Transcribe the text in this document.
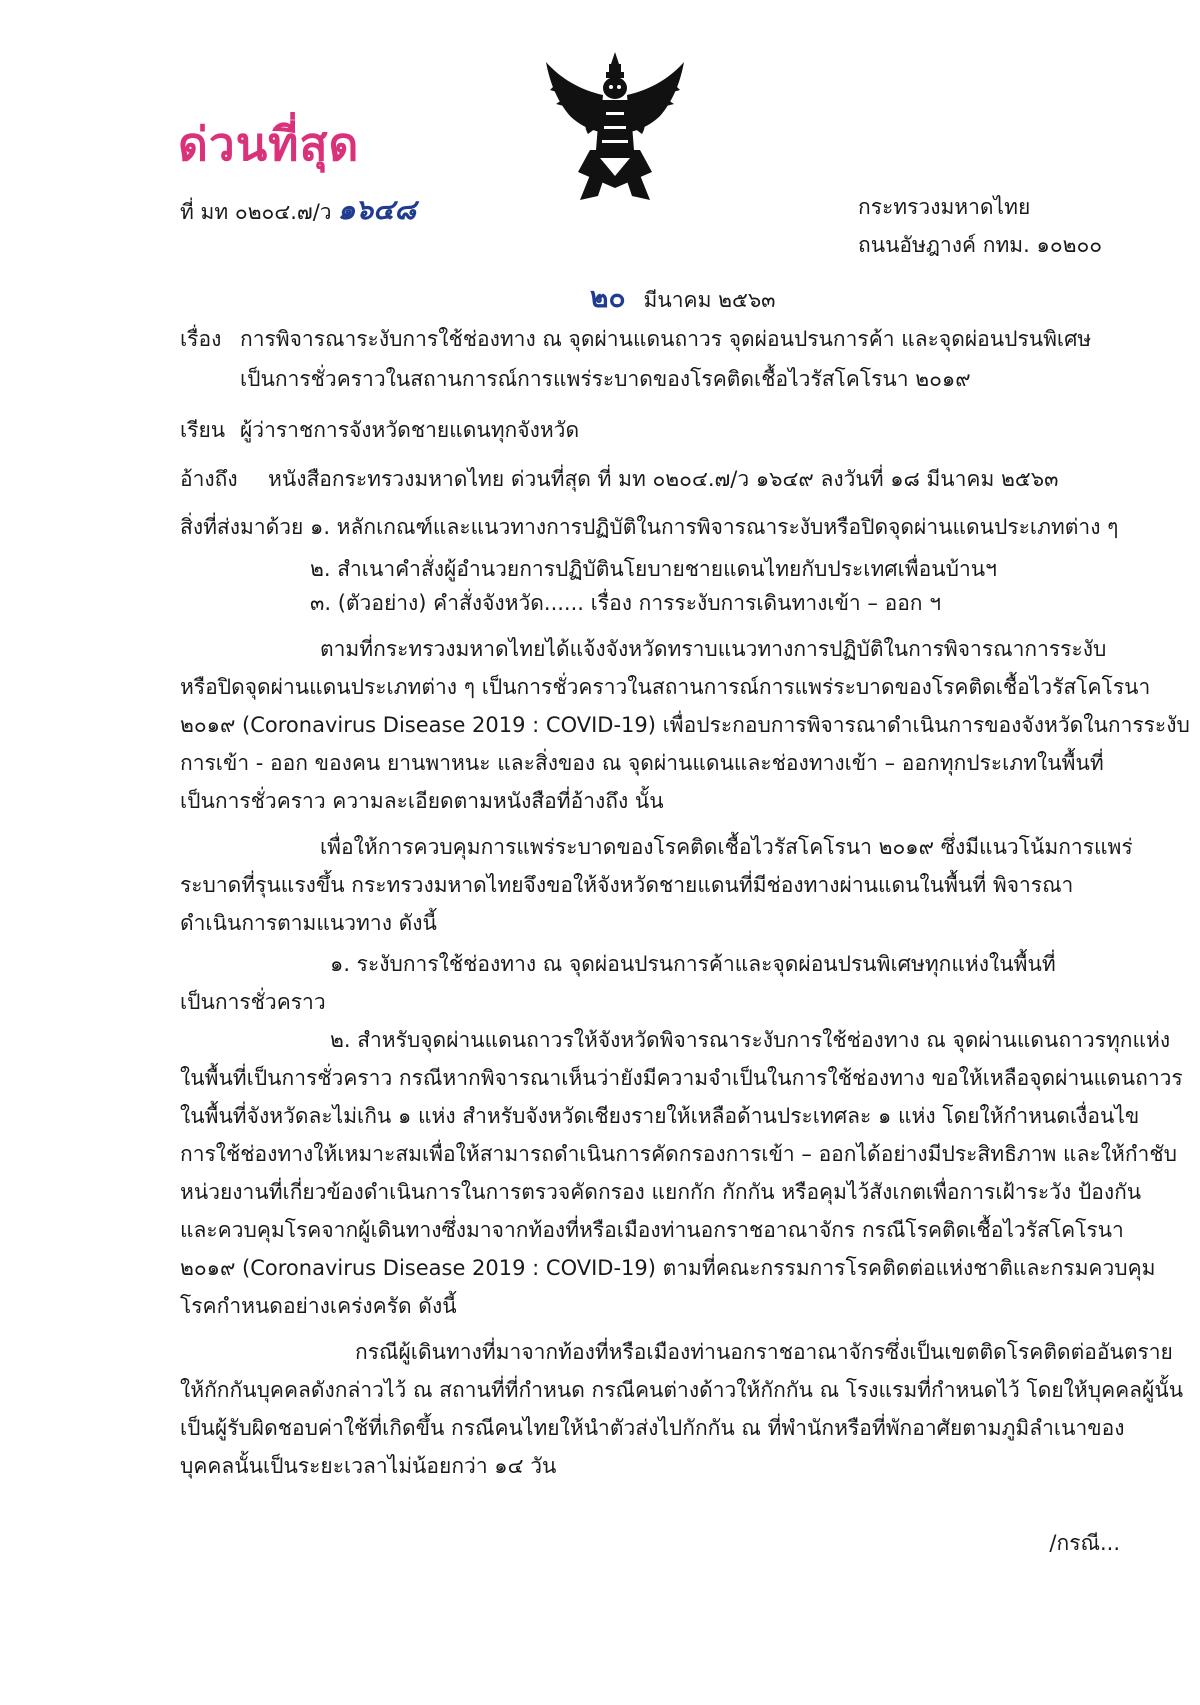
ด่วนที่สุด
ที่ มท ๐๒๐๔.๗/ว ๑๖๔๘	กระทรวงมหาดไทย
ถนนอัษฎางค์ กทม. ๑๐๒๐๐
๒๐ มีนาคม ๒๕๖๓
เรื่อง การพิจารณาระงับการใช้ช่องทาง ณ จุดผ่านแดนถาวร จุดผ่อนปรนการค้า และจุดผ่อนปรนพิเศษ
เป็นการชั่วคราวในสถานการณ์การแพร่ระบาดของโรคติดเชื้อไวรัสโคโรนา ๒๐๑๙
เรียน ผู้ว่าราชการจังหวัดชายแดนทุกจังหวัด
อ้างถึง หนังสือกระทรวงมหาดไทย ด่วนที่สุด ที่ มท ๐๒๐๔.๗/ว ๑๖๔๙ ลงวันที่ ๑๘ มีนาคม ๒๕๖๓
สิ่งที่ส่งมาด้วย ๑. หลักเกณฑ์และแนวทางการปฏิบัติในการพิจารณาระงับหรือปิดจุดผ่านแดนประเภทต่าง ๆ
๒. สำเนาคำสั่งผู้อำนวยการปฏิบัตินโยบายชายแดนไทยกับประเทศเพื่อนบ้านฯ
๓. (ตัวอย่าง) คำสั่งจังหวัด...... เรื่อง การระงับการเดินทางเข้า – ออก ฯ
ตามที่กระทรวงมหาดไทยได้แจ้งจังหวัดทราบแนวทางการปฏิบัติในการพิจารณาการระงับ
หรือปิดจุดผ่านแดนประเภทต่าง ๆ เป็นการชั่วคราวในสถานการณ์การแพร่ระบาดของโรคติดเชื้อไวรัสโคโรนา
๒๐๑๙ (Coronavirus Disease 2019 : COVID-19) เพื่อประกอบการพิจารณาดำเนินการของจังหวัดในการระงับ
การเข้า - ออก ของคน ยานพาหนะ และสิ่งของ ณ จุดผ่านแดนและช่องทางเข้า – ออกทุกประเภทในพื้นที่
เป็นการชั่วคราว ความละเอียดตามหนังสือที่อ้างถึง นั้น
เพื่อให้การควบคุมการแพร่ระบาดของโรคติดเชื้อไวรัสโคโรนา ๒๐๑๙ ซึ่งมีแนวโน้มการแพร่
ระบาดที่รุนแรงขึ้น กระทรวงมหาดไทยจึงขอให้จังหวัดชายแดนที่มีช่องทางผ่านแดนในพื้นที่ พิจารณา
ดำเนินการตามแนวทาง ดังนี้
๑. ระงับการใช้ช่องทาง ณ จุดผ่อนปรนการค้าและจุดผ่อนปรนพิเศษทุกแห่งในพื้นที่
เป็นการชั่วคราว
๒. สำหรับจุดผ่านแดนถาวรให้จังหวัดพิจารณาระงับการใช้ช่องทาง ณ จุดผ่านแดนถาวรทุกแห่ง
ในพื้นที่เป็นการชั่วคราว กรณีหากพิจารณาเห็นว่ายังมีความจำเป็นในการใช้ช่องทาง ขอให้เหลือจุดผ่านแดนถาวร
ในพื้นที่จังหวัดละไม่เกิน ๑ แห่ง สำหรับจังหวัดเชียงรายให้เหลือด้านประเทศละ ๑ แห่ง โดยให้กำหนดเงื่อนไข
การใช้ช่องทางให้เหมาะสมเพื่อให้สามารถดำเนินการคัดกรองการเข้า – ออกได้อย่างมีประสิทธิภาพ และให้กำชับ
หน่วยงานที่เกี่ยวข้องดำเนินการในการตรวจคัดกรอง แยกกัก กักกัน หรือคุมไว้สังเกตเพื่อการเฝ้าระวัง ป้องกัน
และควบคุมโรคจากผู้เดินทางซึ่งมาจากท้องที่หรือเมืองท่านอกราชอาณาจักร กรณีโรคติดเชื้อไวรัสโคโรนา
๒๐๑๙ (Coronavirus Disease 2019 : COVID-19) ตามที่คณะกรรมการโรคติดต่อแห่งชาติและกรมควบคุม
โรคกำหนดอย่างเคร่งครัด ดังนี้
กรณีผู้เดินทางที่มาจากท้องที่หรือเมืองท่านอกราชอาณาจักรซึ่งเป็นเขตติดโรคติดต่ออันตราย
ให้กักกันบุคคลดังกล่าวไว้ ณ สถานที่ที่กำหนด กรณีคนต่างด้าวให้กักกัน ณ โรงแรมที่กำหนดไว้ โดยให้บุคคลผู้นั้น
เป็นผู้รับผิดชอบค่าใช้ที่เกิดขึ้น กรณีคนไทยให้นำตัวส่งไปกักกัน ณ ที่พำนักหรือที่พักอาศัยตามภูมิลำเนาของ
บุคคลนั้นเป็นระยะเวลาไม่น้อยกว่า ๑๔ วัน
/กรณี...
